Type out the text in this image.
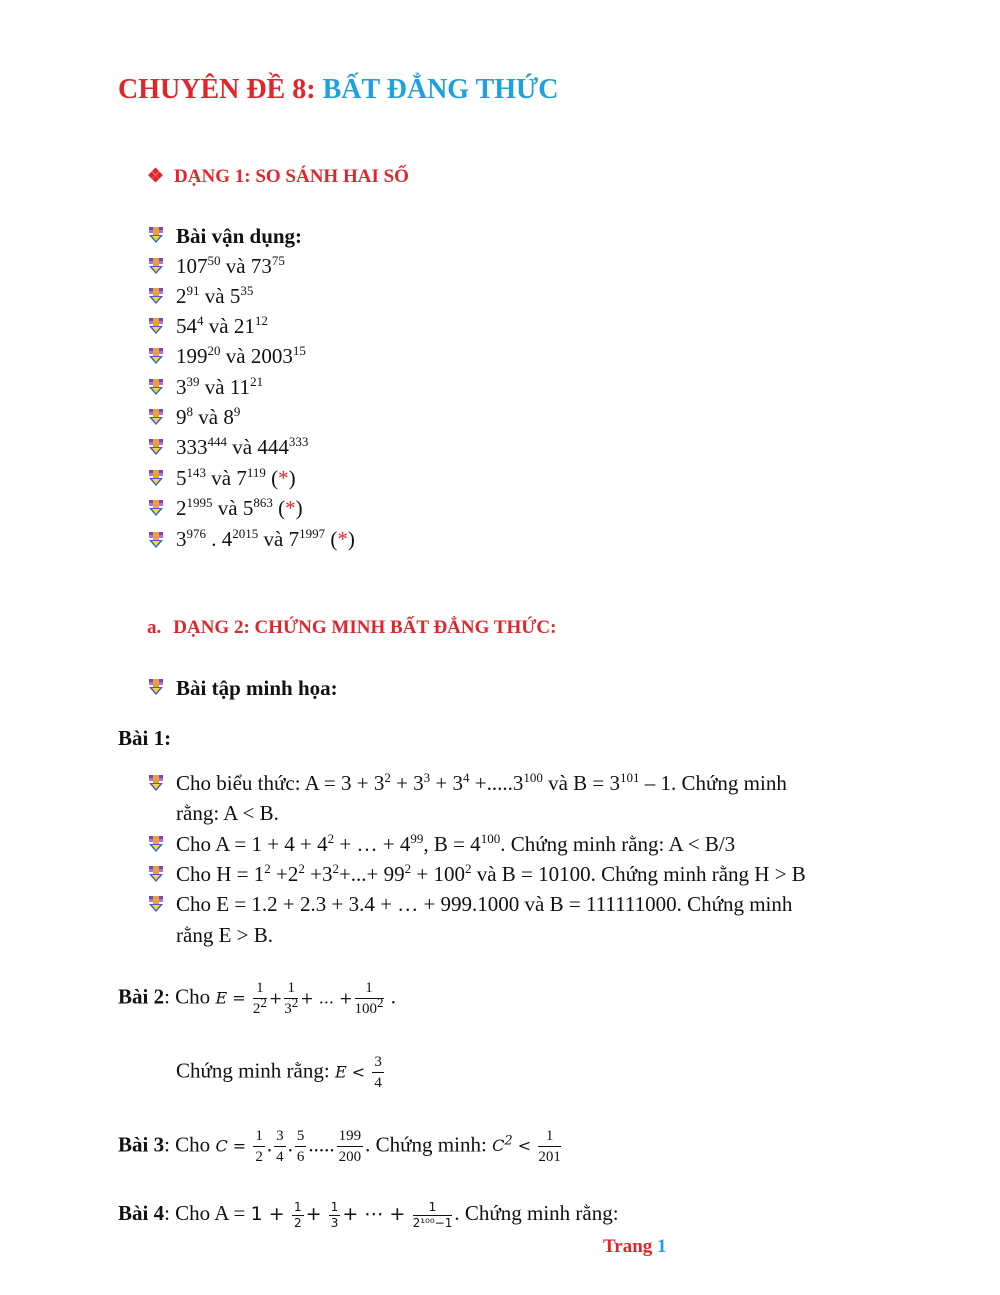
CHUYÊN ĐỀ 8: BẤT ĐẲNG THỨC
❖ DẠNG 1: SO SÁNH HAI SỐ
Bài vận dụng:
$107^{50}$ và $73^{75}$
$2^{91}$ và $5^{35}$
$54^4$ và $21^{12}$
$199^{20}$ và 2003$^{15}$
$3^{39}$ và $11^{21}$
$9^8$ và $8^9$
$333^{444}$ và $444^{333}$
$5^{143}$ và $7^{119}$ (*)
$2^{1995}$ và $5^{863}$ (*)
$3^{976}$ . $4^{2015}$ và $7^{1997}$ (*)
a. DẠNG 2: CHỨNG MINH BẤT ĐẲNG THỨC:
Bài tập minh họa:
Bài 1:
Cho biểu thức: $A = 3 + 3^2 + 3^3 + 3^4 +.....3^{100}$ và $B = 3^{101} - 1$. Chứng minh
rằng: A < B.
Cho $A = 1 + 4 + 4^2$ + … + $4^{99}$, $B = 4^{100}$. Chứng minh rằng: A < B/3
Cho $H = 1^2 +2^2 +3^2+...+ 99^2 + 100^2$ và B = 10100. Chứng minh rằng H > B
Cho E = 1.2 + 2.3 + 3.4 + … + 999.1000 và B = 111111000. Chứng minh
rằng E > B.
Bài 2: Cho $E = \frac{1}{2^2} + \frac{1}{3^2}$ + ... + $\frac{1}{100^2}$ .
Chứng minh rằng: $E < \frac{3}{4}$
Bài 3: Cho $C = \frac{1}{2}$ . $\frac{3}{4}$ . $\frac{5}{6}$ ..... $\frac{199}{200}$ . Chứng minh: $C^2 < \frac{1}{201}$
Bài 4: Cho $A = 1 + \frac{1}{2} + \frac{1}{3}$ + ⋯ + $\frac{1}{\text{2¹⁰⁰−1}}$ . Chứng minh rằng:
Trang 1
